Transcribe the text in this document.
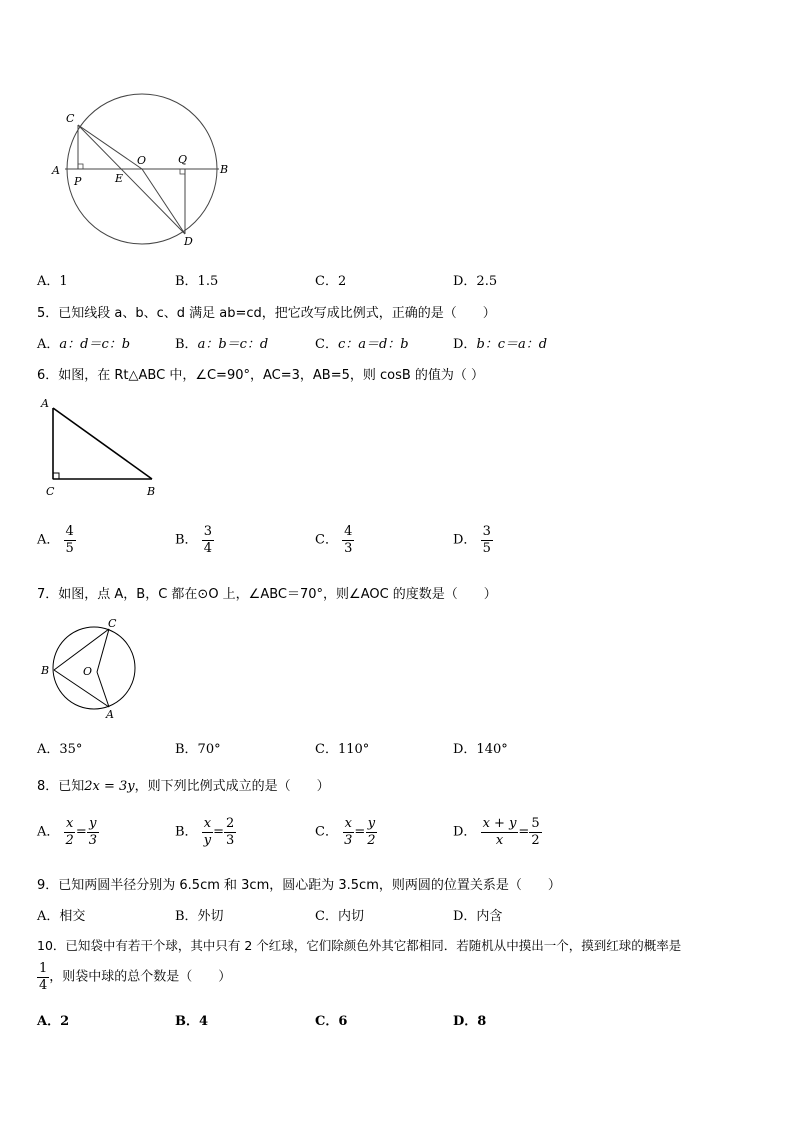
C
A
P	E
O	Q
B
D
A．1	B．1.5	C．2	D．2.5
5．已知线段 a、b、c、d 满足 ab=cd，把它改写成比例式，正确的是（　　）
A．a：d＝c：b	B．a：b＝c：d	C．c：a＝d：b	D．b：c＝a：d
6．如图，在 Rt△ABC 中，∠C=90°，AC=3，AB=5，则 cosB 的值为（ ）
A
C	B
A． $\frac{4}{5}$	B． $\frac{3}{4}$	C． $\frac{4}{3}$	D． $\frac{3}{5}$
7．如图，点 A，B，C 都在⊙O 上，∠ABC＝70°，则∠AOC 的度数是（　　）
C
B	O
A
A．35°	B．70°	C．110°	D．140°
8．已知2x = 3y，则下列比例式成立的是（　　）
A． $\frac{x}{2} = \frac{y}{3}$	B． $\frac{x}{y} = \frac{2}{3}$	C． $\frac{x}{3} = \frac{y}{2}$	D． $\frac{x + y}{x} = \frac{5}{2}$
9．已知两圆半径分别为 6.5cm 和 3cm，圆心距为 3.5cm，则两圆的位置关系是（　　）
A．相交	B．外切	C．内切	D．内含
10．已知袋中有若干个球，其中只有 2 个红球，它们除颜色外其它都相同．若随机从中摸出一个，摸到红球的概率是
$\frac{1}{4}$ ，则袋中球的总个数是（　　）
A．2	B．4	C．6	D．8
